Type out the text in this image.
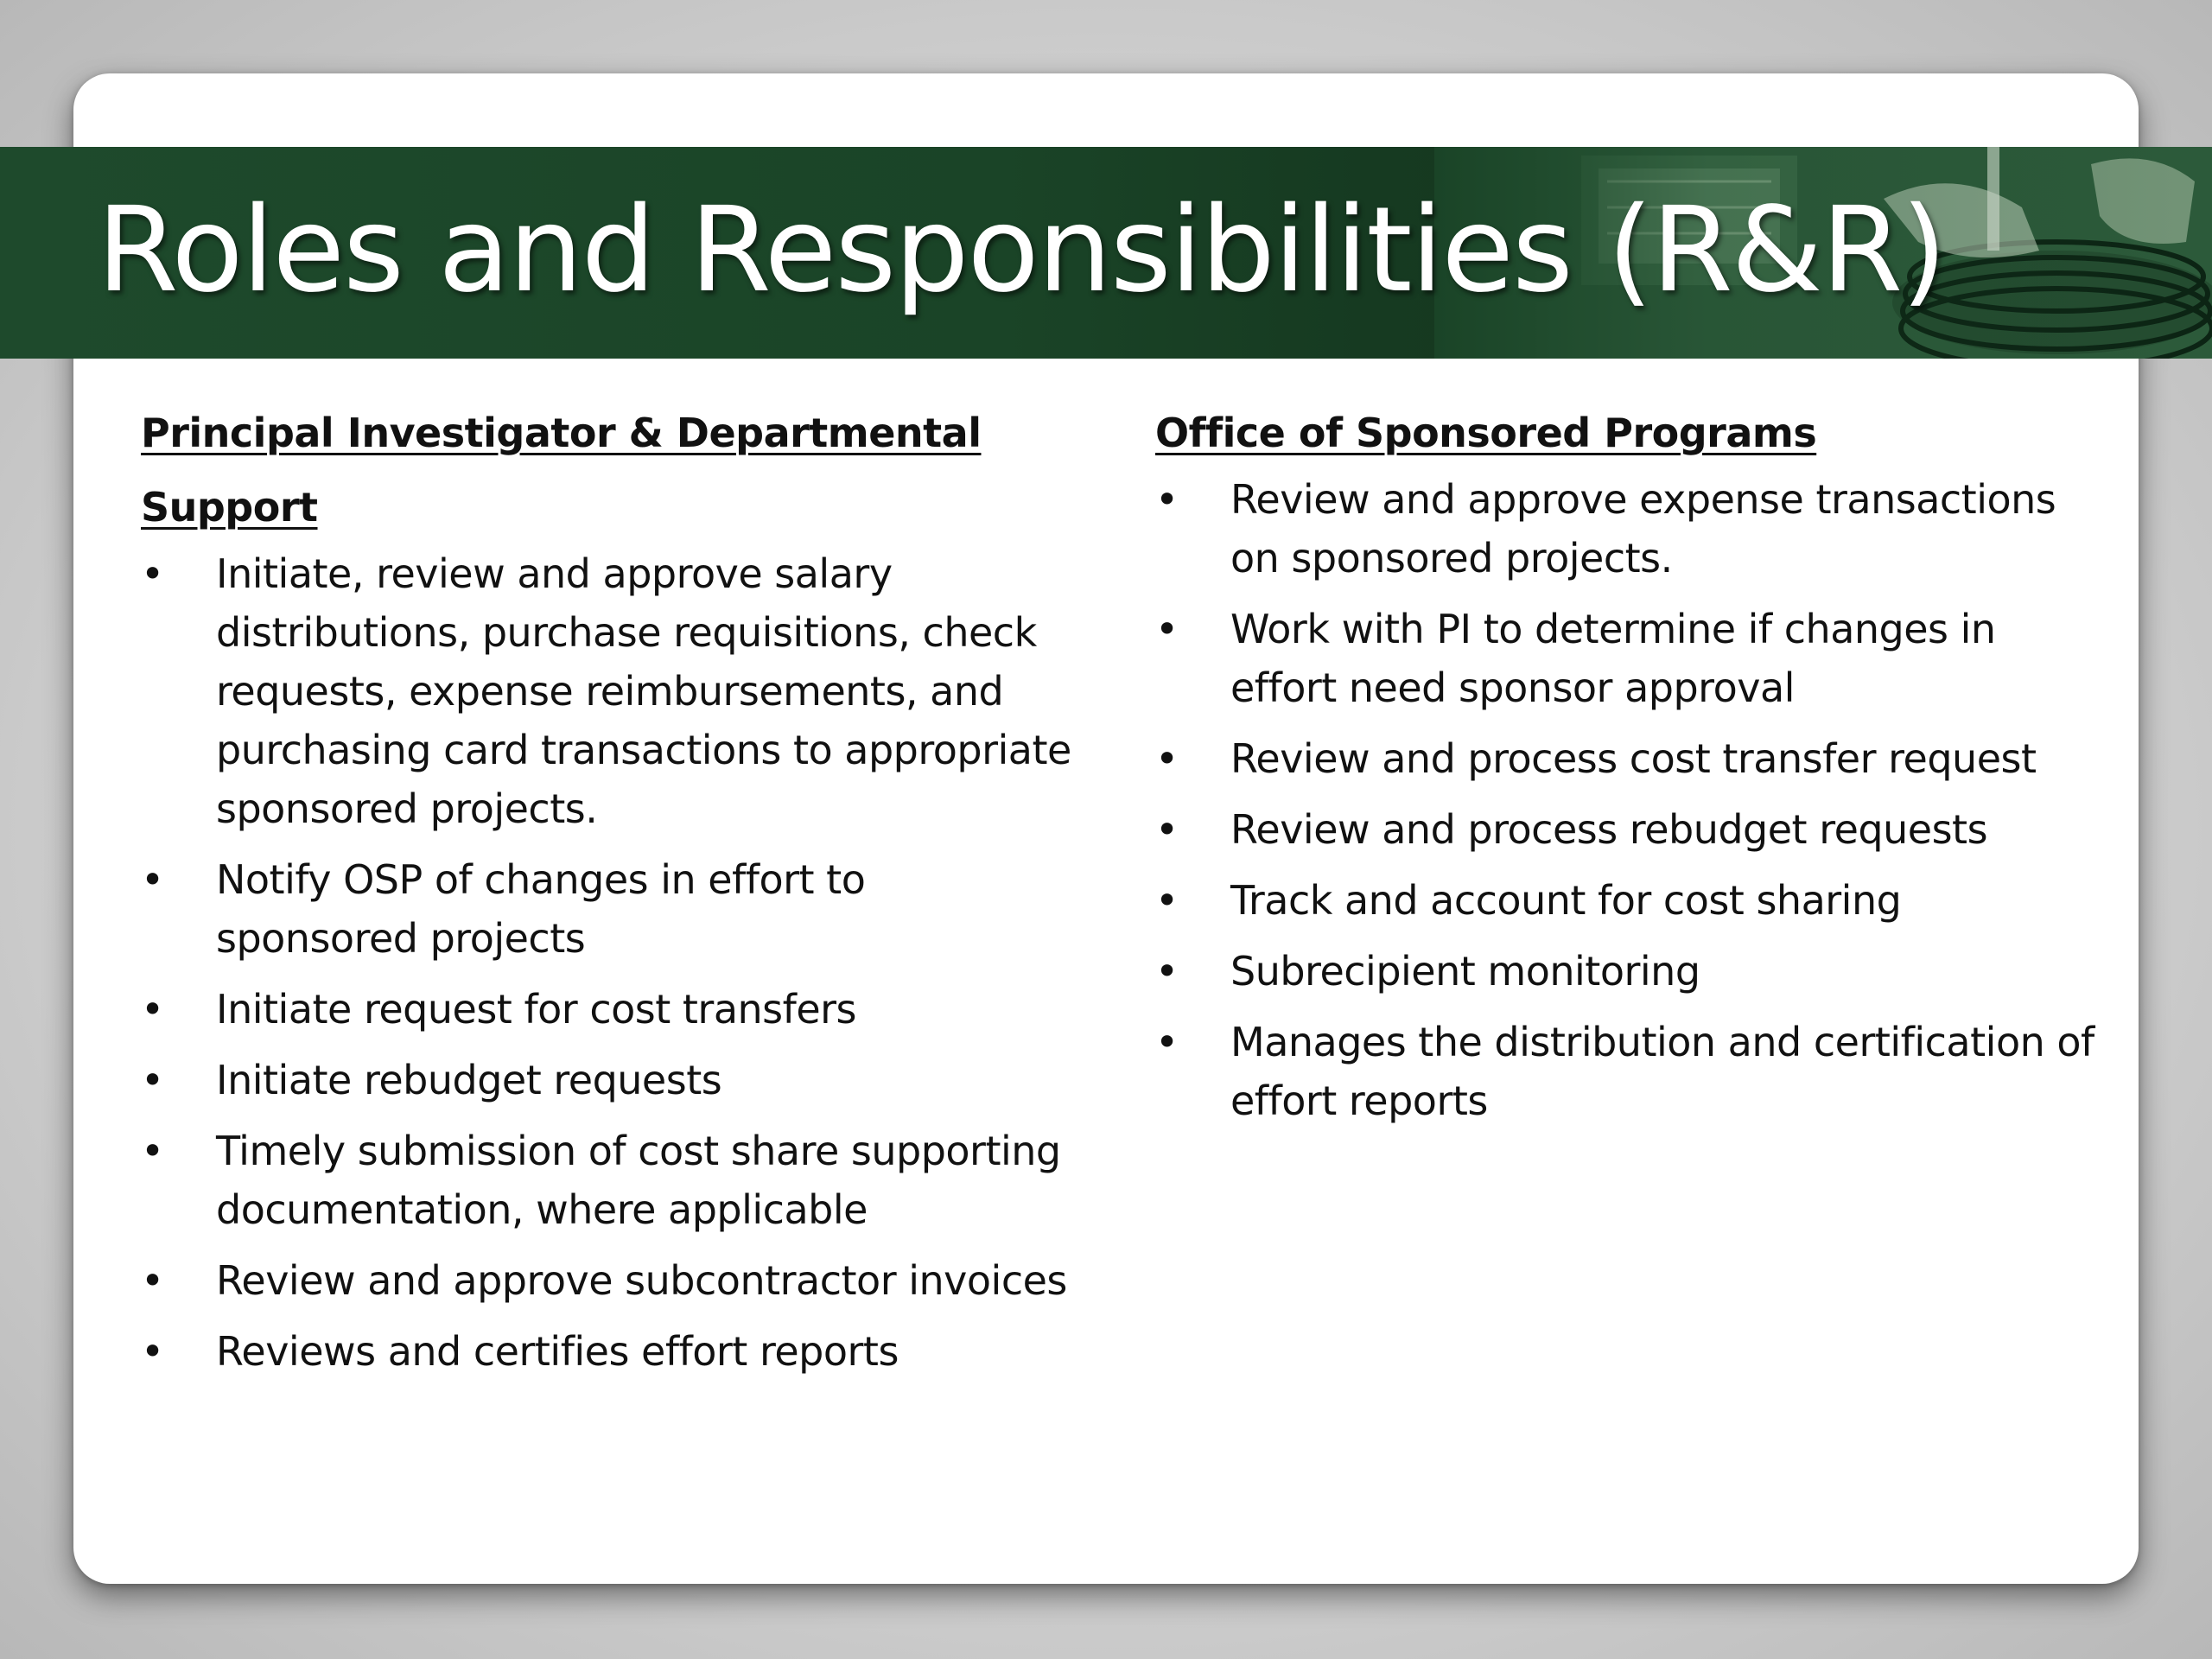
Roles and Responsibilities (R&R)
Principal Investigator & Departmental Support
• Initiate, review and approve salary distributions, purchase requisitions, check requests, expense reimbursements, and purchasing card transactions to appropriate sponsored projects.
• Notify OSP of changes in effort to sponsored projects
• Initiate request for cost transfers
• Initiate rebudget requests
• Timely submission of cost share supporting documentation, where applicable
• Review and approve subcontractor invoices
• Reviews and certifies effort reports
Office of Sponsored Programs
• Review and approve expense transactions on sponsored projects.
• Work with PI to determine if changes in effort need sponsor approval
• Review and process cost transfer request
• Review and process rebudget requests
• Track and account for cost sharing
• Subrecipient monitoring
• Manages the distribution and certification of effort reports
